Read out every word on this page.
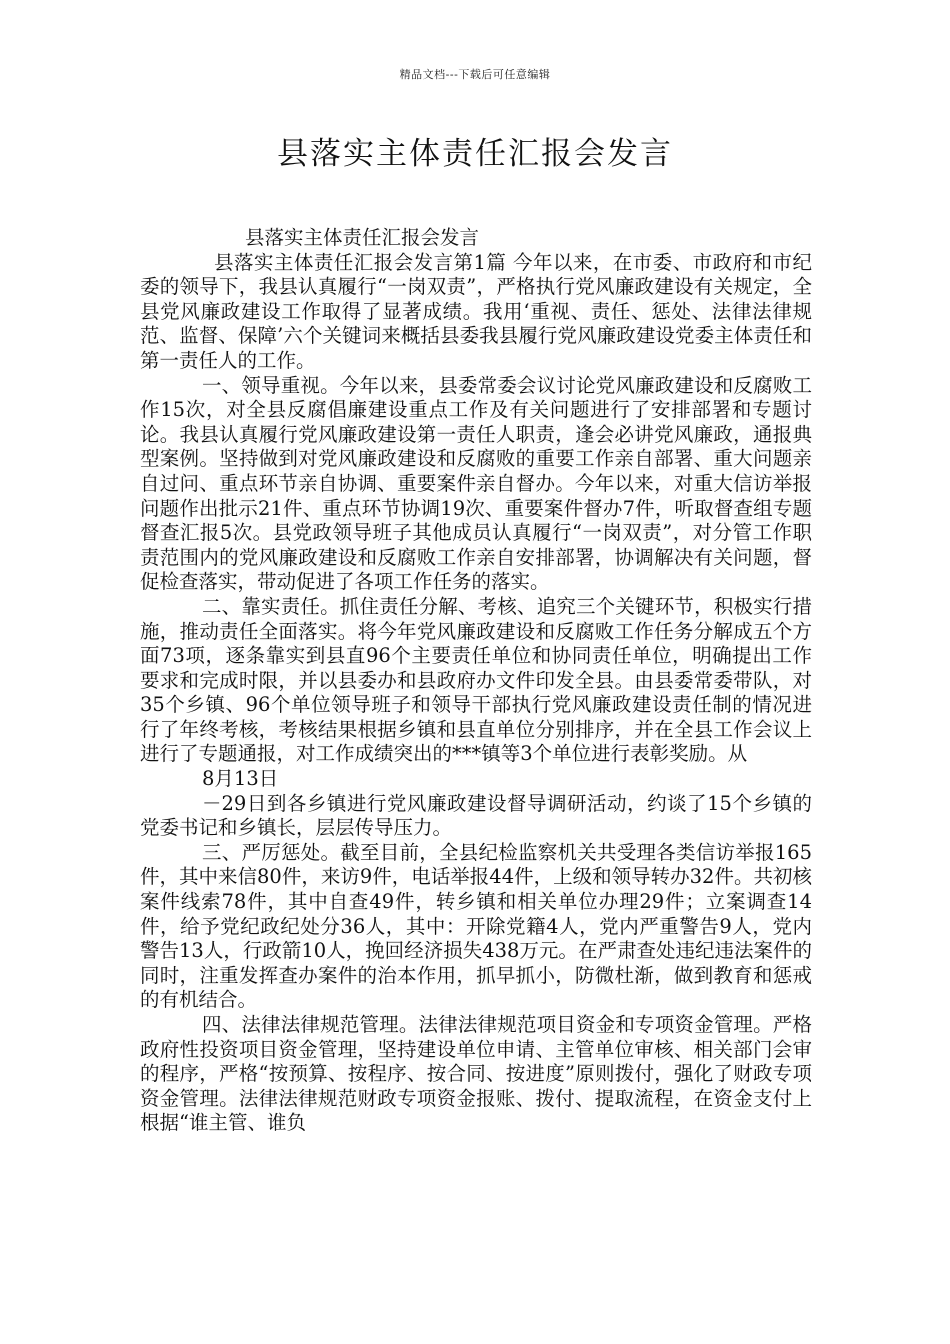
精品文档---下载后可任意编辑
县落实主体责任汇报会发言

县落实主体责任汇报会发言

县落实主体责任汇报会发言第1篇 今年以来，在市委、市政府和市纪委的领导下，我县认真履行“一岗双责”，严格执行党风廉政建设有关规定，全县党风廉政建设工作取得了显著成绩。我用‘重视、责任、惩处、法律法律规范、监督、保障’六个关键词来概括县委我县履行党风廉政建设党委主体责任和第一责任人的工作。

一、领导重视。今年以来，县委常委会议讨论党风廉政建设和反腐败工作15次，对全县反腐倡廉建设重点工作及有关问题进行了安排部署和专题讨论。我县认真履行党风廉政建设第一责任人职责，逢会必讲党风廉政，通报典型案例。坚持做到对党风廉政建设和反腐败的重要工作亲自部署、重大问题亲自过问、重点环节亲自协调、重要案件亲自督办。今年以来，对重大信访举报问题作出批示21件、重点环节协调19次、重要案件督办7件，听取督查组专题督查汇报5次。县党政领导班子其他成员认真履行“一岗双责”，对分管工作职责范围内的党风廉政建设和反腐败工作亲自安排部署，协调解决有关问题，督促检查落实，带动促进了各项工作任务的落实。

二、靠实责任。抓住责任分解、考核、追究三个关键环节，积极实行措施，推动责任全面落实。将今年党风廉政建设和反腐败工作任务分解成五个方面73项，逐条靠实到县直96个主要责任单位和协同责任单位，明确提出工作要求和完成时限，并以县委办和县政府办文件印发全县。由县委常委带队，对35个乡镇、96个单位领导班子和领导干部执行党风廉政建设责任制的情况进行了年终考核，考核结果根据乡镇和县直单位分别排序，并在全县工作会议上进行了专题通报，对工作成绩突出的***镇等3个单位进行表彰奖励。从

8月13日

－29日到各乡镇进行党风廉政建设督导调研活动，约谈了15个乡镇的党委书记和乡镇长，层层传导压力。

三、严厉惩处。截至目前，全县纪检监察机关共受理各类信访举报165件，其中来信80件，来访9件，电话举报44件，上级和领导转办32件。共初核案件线索78件，其中自查49件，转乡镇和相关单位办理29件；立案调查14件，给予党纪政纪处分36人，其中：开除党籍4人，党内严重警告9人，党内警告13人，行政箭10人，挽回经济损失438万元。在严肃查处违纪违法案件的同时，注重发挥查办案件的治本作用，抓早抓小，防微杜渐，做到教育和惩戒的有机结合。

四、法律法律规范管理。法律法律规范项目资金和专项资金管理。严格政府性投资项目资金管理，坚持建设单位申请、主管单位审核、相关部门会审的程序，严格“按预算、按程序、按合同、按进度”原则拨付，强化了财政专项资金管理。法律法律规范财政专项资金报账、拨付、提取流程，在资金支付上根据“谁主管、谁负
